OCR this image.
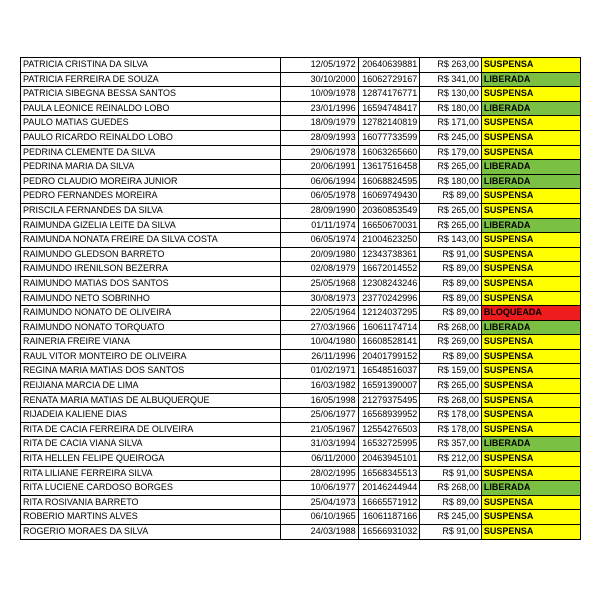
PATRICIA CRISTINA DA SILVA	12/05/1972	20640639881	R$ 263,00	SUSPENSA
PATRICIA FERREIRA DE SOUZA	30/10/2000	16062729167	R$ 341,00	LIBERADA
PATRICIA SIBEGNA BESSA SANTOS	10/09/1978	12874176771	R$ 130,00	SUSPENSA
PAULA LEONICE REINALDO LOBO	23/01/1996	16594748417	R$ 180,00	LIBERADA
PAULO MATIAS GUEDES	18/09/1979	12782140819	R$ 171,00	SUSPENSA
PAULO RICARDO REINALDO LOBO	28/09/1993	16077733599	R$ 245,00	SUSPENSA
PEDRINA CLEMENTE DA SILVA	29/06/1978	16063265660	R$ 179,00	SUSPENSA
PEDRINA MARIA DA SILVA	20/06/1991	13617516458	R$ 265,00	LIBERADA
PEDRO CLAUDIO MOREIRA JUNIOR	06/06/1994	16068824595	R$ 180,00	LIBERADA
PEDRO FERNANDES MOREIRA	06/05/1978	16069749430	R$ 89,00	SUSPENSA
PRISCILA FERNANDES DA SILVA	28/09/1990	20360853549	R$ 265,00	SUSPENSA
RAIMUNDA GIZELIA LEITE DA SILVA	01/11/1974	16650670031	R$ 265,00	LIBERADA
RAIMUNDA NONATA FREIRE DA SILVA COSTA	06/05/1974	21004623250	R$ 143,00	SUSPENSA
RAIMUNDO GLEDSON BARRETO	20/09/1980	12343738361	R$ 91,00	SUSPENSA
RAIMUNDO IRENILSON BEZERRA	02/08/1979	16672014552	R$ 89,00	SUSPENSA
RAIMUNDO MATIAS DOS SANTOS	25/05/1968	12308243246	R$ 89,00	SUSPENSA
RAIMUNDO NETO SOBRINHO	30/08/1973	23770242996	R$ 89,00	SUSPENSA
RAIMUNDO NONATO DE OLIVEIRA	22/05/1964	12124037295	R$ 89,00	BLOQUEADA
RAIMUNDO NONATO TORQUATO	27/03/1966	16061174714	R$ 268,00	LIBERADA
RAINERIA FREIRE VIANA	10/04/1980	16608528141	R$ 269,00	SUSPENSA
RAUL VITOR MONTEIRO DE OLIVEIRA	26/11/1996	20401799152	R$ 89,00	SUSPENSA
REGINA MARIA MATIAS DOS SANTOS	01/02/1971	16548516037	R$ 159,00	SUSPENSA
REIJIANA MARCIA DE LIMA	16/03/1982	16591390007	R$ 265,00	SUSPENSA
RENATA MARIA MATIAS DE ALBUQUERQUE	16/05/1998	21279375495	R$ 268,00	SUSPENSA
RIJADEIA KALIENE DIAS	25/06/1977	16568939952	R$ 178,00	SUSPENSA
RITA DE CACIA FERREIRA DE OLIVEIRA	21/05/1967	12554276503	R$ 178,00	SUSPENSA
RITA DE CACIA VIANA SILVA	31/03/1994	16532725995	R$ 357,00	LIBERADA
RITA HELLEN FELIPE QUEIROGA	06/11/2000	20463945101	R$ 212,00	SUSPENSA
RITA LILIANE FERREIRA SILVA	28/02/1995	16568345513	R$ 91,00	SUSPENSA
RITA LUCIENE CARDOSO BORGES	10/06/1977	20146244944	R$ 268,00	LIBERADA
RITA ROSIVANIA BARRETO	25/04/1973	16665571912	R$ 89,00	SUSPENSA
ROBERIO MARTINS ALVES	06/10/1965	16061187166	R$ 245,00	SUSPENSA
ROGERIO MORAES DA SILVA	24/03/1988	16566931032	R$ 91,00	SUSPENSA
